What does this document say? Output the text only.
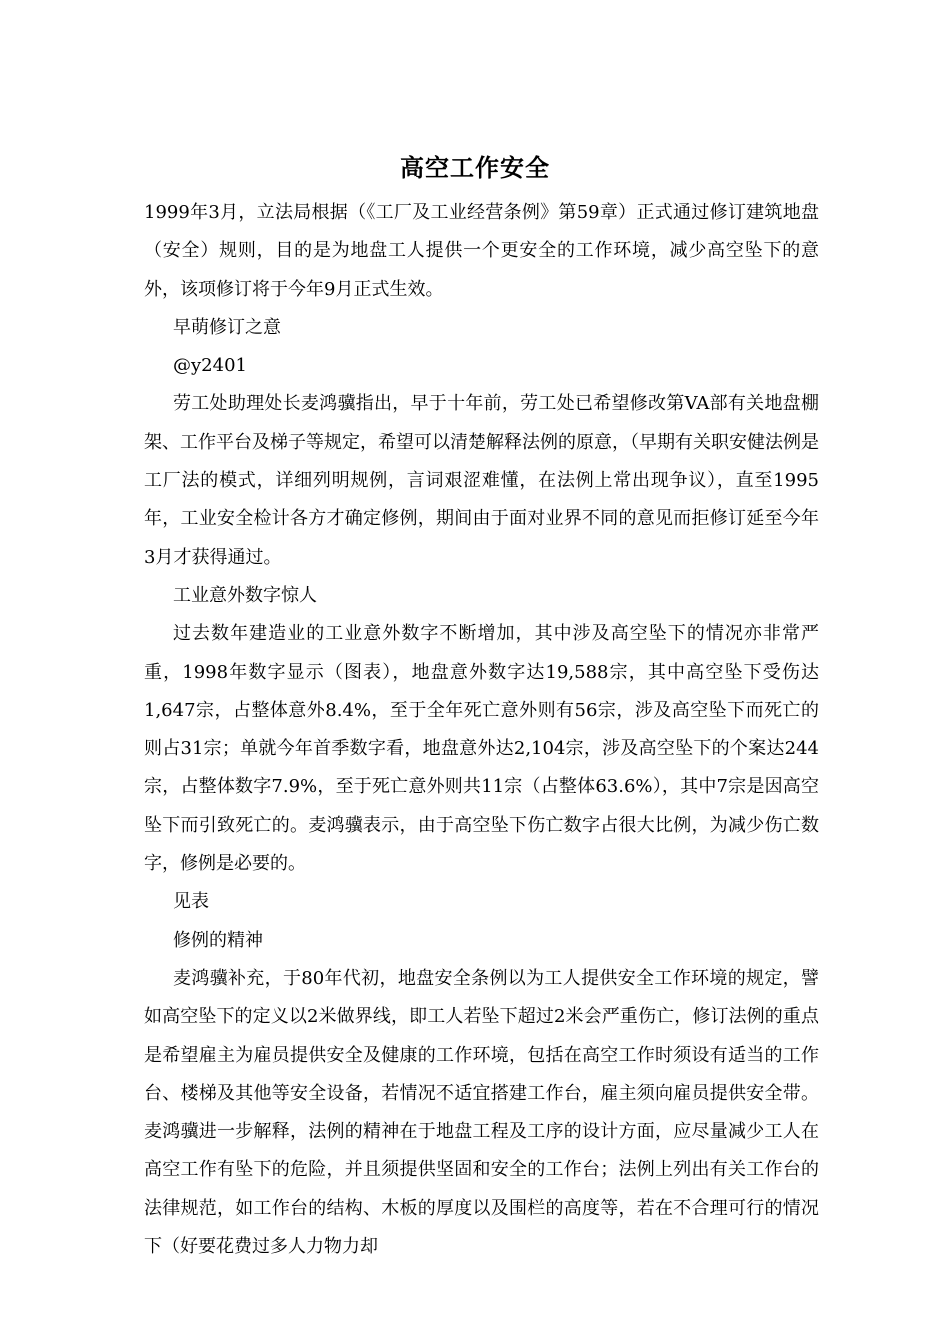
高空工作安全

1999年3月，立法局根据（《工厂及工业经营条例》第59章）正式通过修订建筑地盘（安全）规则，目的是为地盘工人提供一个更安全的工作环境，减少高空坠下的意外，该项修订将于今年9月正式生效。

早萌修订之意

@y2401

劳工处助理处长麦鸿骥指出，早于十年前，劳工处已希望修改第VA部有关地盘棚架、工作平台及梯子等规定，希望可以清楚解释法例的原意，（早期有关职安健法例是工厂法的模式，详细列明规例，言词艰涩难懂，在法例上常出现争议），直至1995年，工业安全检计各方才确定修例，期间由于面对业界不同的意见而拒修订延至今年3月才获得通过。

工业意外数字惊人

过去数年建造业的工业意外数字不断增加，其中涉及高空坠下的情况亦非常严重，1998年数字显示（图表），地盘意外数字达19,588宗，其中高空坠下受伤达1,647宗，占整体意外8.4%，至于全年死亡意外则有56宗，涉及高空坠下而死亡的则占31宗；单就今年首季数字看，地盘意外达2,104宗，涉及高空坠下的个案达244宗，占整体数字7.9%，至于死亡意外则共11宗（占整体63.6%），其中7宗是因高空坠下而引致死亡的。麦鸿骥表示，由于高空坠下伤亡数字占很大比例，为减少伤亡数字，修例是必要的。

见表

修例的精神

麦鸿骥补充，于80年代初，地盘安全条例以为工人提供安全工作环境的规定，譬如高空坠下的定义以2米做界线，即工人若坠下超过2米会严重伤亡，修订法例的重点是希望雇主为雇员提供安全及健康的工作环境，包括在高空工作时须设有适当的工作台、楼梯及其他等安全设备，若情况不适宜搭建工作台，雇主须向雇员提供安全带。麦鸿骥进一步解释，法例的精神在于地盘工程及工序的设计方面，应尽量减少工人在高空工作有坠下的危险，并且须提供坚固和安全的工作台；法例上列出有关工作台的法律规范，如工作台的结构、木板的厚度以及围栏的高度等，若在不合理可行的情况下（好要花费过多人力物力却
